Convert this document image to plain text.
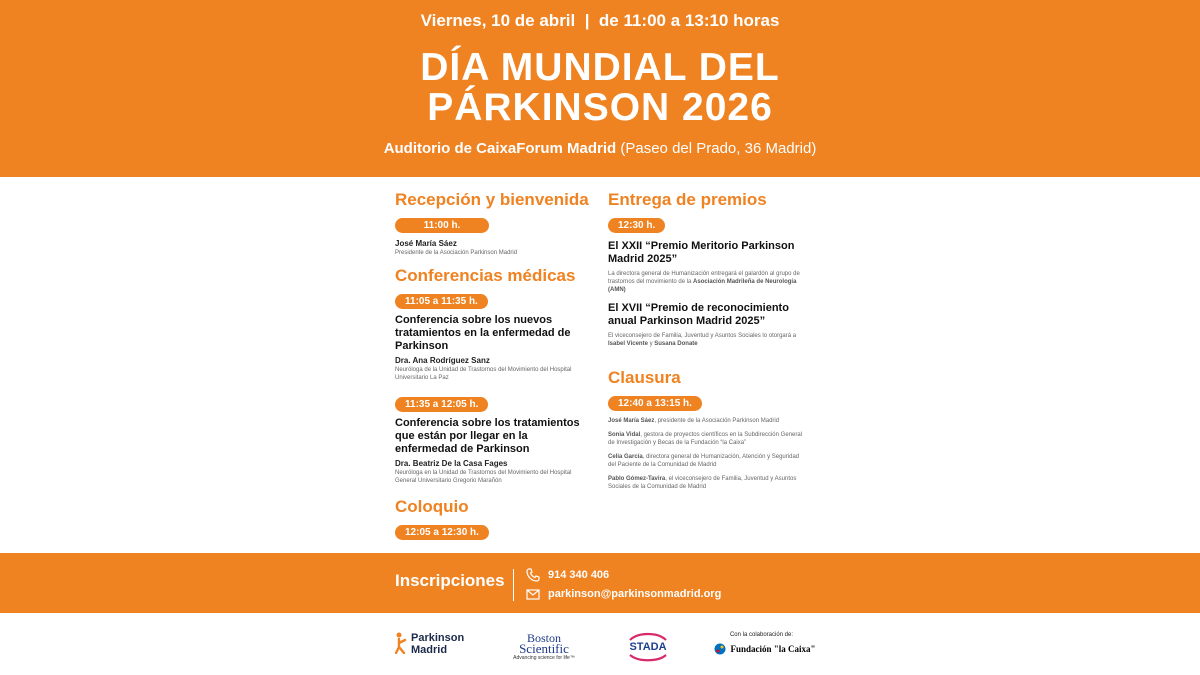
Viernes, 10 de abril  |  de 11:00 a 13:10 horas
DÍA MUNDIAL DEL
PÁRKINSON 2026
Auditorio de CaixaForum Madrid (Paseo del Prado, 36 Madrid)
Recepción y bienvenida
11:00 h.
José María Sáez
Presidente de la Asociación Parkinson Madrid
Conferencias médicas
11:05 a 11:35 h.
Conferencia sobre los nuevos tratamientos en la enfermedad de Parkinson
Dra. Ana Rodríguez Sanz
Neuróloga de la Unidad de Trastornos del Movimiento del Hospital Universitario La Paz
11:35 a 12:05 h.
Conferencia sobre los tratamientos que están por llegar en la enfermedad de Parkinson
Dra. Beatriz De la Casa Fages
Neuróloga en la Unidad de Trastornos del Movimiento del Hospital General Universitario Gregorio Marañón
Coloquio
12:05 a 12:30 h.
Entrega de premios
12:30 h.
El XXII “Premio Meritorio Parkinson Madrid 2025”
La directora general de Humanización entregará el galardón al grupo de trastornos del movimiento de la Asociación Madrileña de Neurología (AMN)
El XVII “Premio de reconocimiento anual Parkinson Madrid 2025”
El viceconsejero de Familia, Juventud y Asuntos Sociales lo otorgará a Isabel Vicente y Susana Donate
Clausura
12:40 a 13:15 h.
José María Sáez, presidente de la Asociación Parkinson Madrid
Sonia Vidal, gestora de proyectos científicos en la Subdirección General de Investigación y Becas de la Fundación “la Caixa”
Celia García, directora general de Humanización, Atención y Seguridad del Paciente de la Comunidad de Madrid
Pablo Gómez-Tavira, el viceconsejero de Familia, Juventud y Asuntos Sociales de la Comunidad de Madrid
Inscripciones	914 340 406
parkinson@parkinsonmadrid.org
Parkinson
Madrid
Boston
Scientific
Advancing science for life™
STADA
Con la colaboración de:
Fundación "la Caixa"
